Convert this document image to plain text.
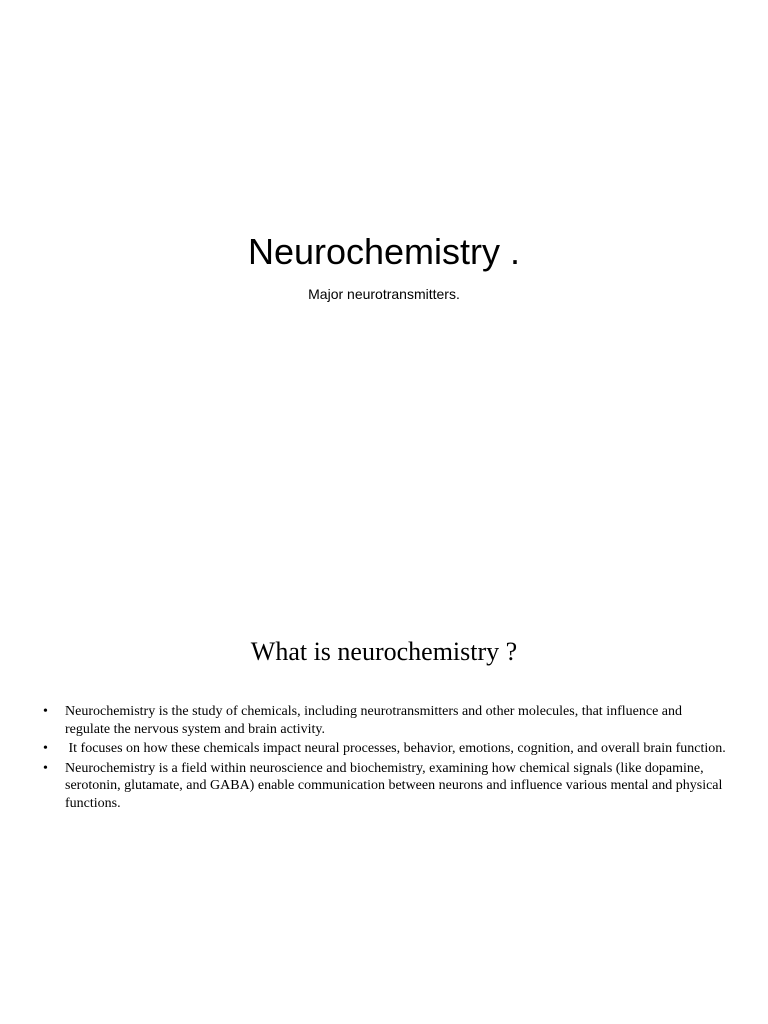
Neurochemistry .

Major neurotransmitters.

What is neurochemistry ?
• Neurochemistry is the study of chemicals, including neurotransmitters and other molecules, that influence and regulate the nervous system and brain activity.
• It focuses on how these chemicals impact neural processes, behavior, emotions, cognition, and overall brain function.
• Neurochemistry is a field within neuroscience and biochemistry, examining how chemical signals (like dopamine, serotonin, glutamate, and GABA) enable communication between neurons and influence various mental and physical functions.
